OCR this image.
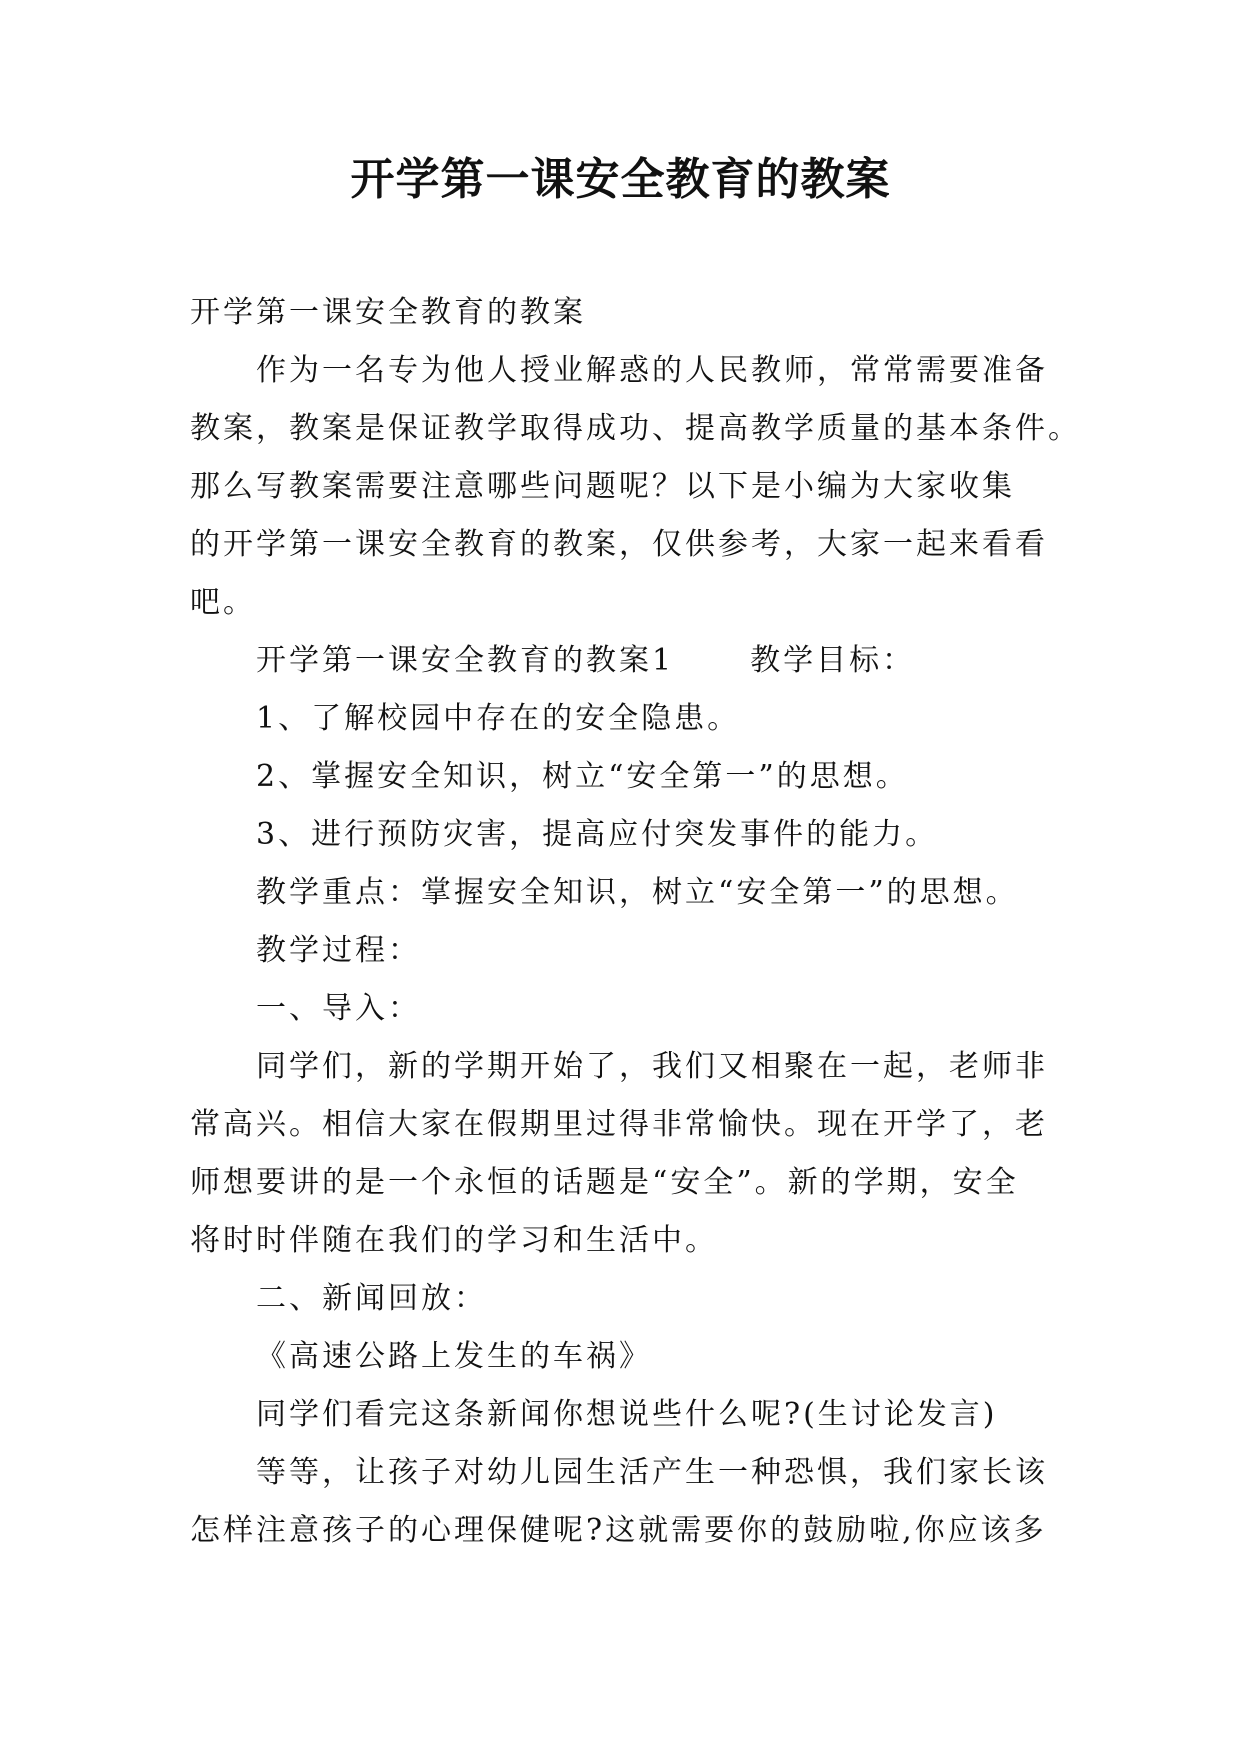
开学第一课安全教育的教案

开学第一课安全教育的教案

作为一名专为他人授业解惑的人民教师，常常需要准备

教案，教案是保证教学取得成功、提高教学质量的基本条件。

那么写教案需要注意哪些问题呢？以下是小编为大家收集

的开学第一课安全教育的教案，仅供参考，大家一起来看看

吧。

开学第一课安全教育的教案1	教学目标：

1、了解校园中存在的安全隐患。

2、掌握安全知识，树立“安全第一”的思想。

3、进行预防灾害，提高应付突发事件的能力。

教学重点：掌握安全知识，树立“安全第一”的思想。

教学过程：

一、导入：

同学们，新的学期开始了，我们又相聚在一起，老师非

常高兴。相信大家在假期里过得非常愉快。现在开学了，老

师想要讲的是一个永恒的话题是“安全”。新的学期，安全

将时时伴随在我们的学习和生活中。

二、新闻回放：

《高速公路上发生的车祸》

同学们看完这条新闻你想说些什么呢?(生讨论发言)

等等，让孩子对幼儿园生活产生一种恐惧，我们家长该

怎样注意孩子的心理保健呢?这就需要你的鼓励啦,你应该多
